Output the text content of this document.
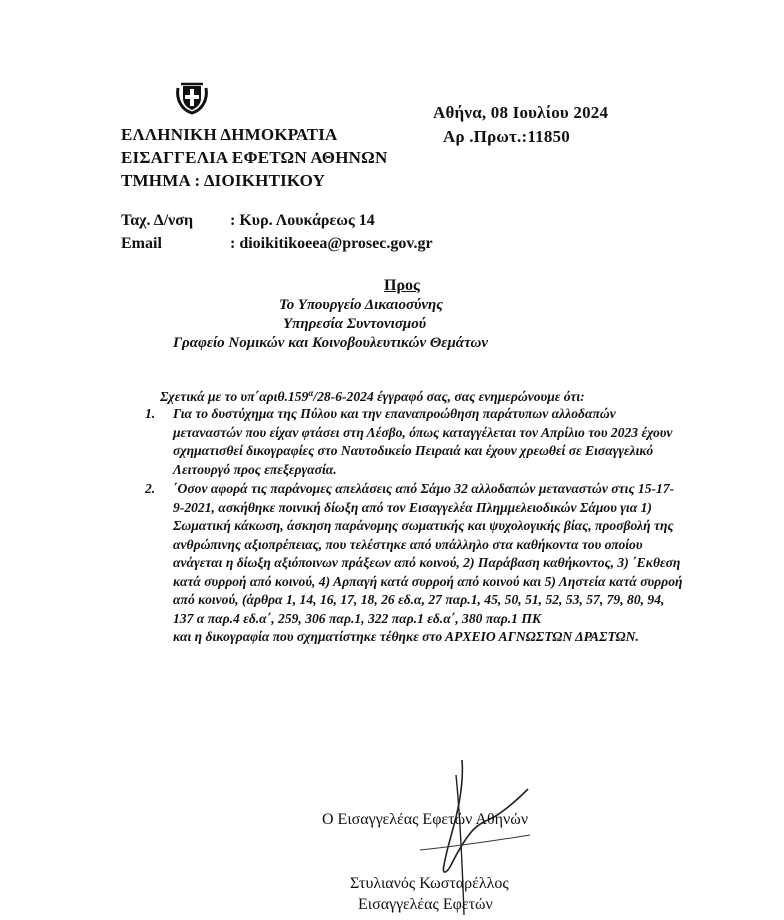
ΕΛΛΗΝΙΚΗ ΔΗΜΟΚΡΑΤΙΑ
ΕΙΣΑΓΓΕΛΙΑ ΕΦΕΤΩΝ ΑΘΗΝΩΝ
ΤΜΗΜΑ : ΔΙΟΙΚΗΤΙΚΟΥ
Αθήνα, 08 Ιουλίου 2024
Αρ .Πρωτ.:11850
Ταχ. Δ/νση : Κυρ. Λουκάρεως 14
Email	: dioikitikoeea@prosec.gov.gr
Προς
Το Υπουργείο Δικαιοσύνης
Υπηρεσία Συντονισμού
Γραφείο Νομικών και Κοινοβουλευτικών Θεμάτων
Σχετικά με το $\upsilon\pi΄\alpha\rho\iota\theta.159^\alpha/28-6-2024$ έγγραφό σας, σας ενημερώνουμε ότι:
1. Για το δυστύχημα της Πύλου και την επαναπροώθηση παράτυπων αλλοδαπών μεταναστών που είχαν φτάσει στη Λέσβο, όπως καταγγέλεται τον Απρίλιο του 2023 έχουν σχηματισθεί δικογραφίες στο Ναυτοδικείο Πειραιά και έχουν χρεωθεί σε Εισαγγελικό Λειτουργό προς επεξεργασία.

2. ΄Οσον αφορά τις παράνομες απελάσεις από Σάμο 32 αλλοδαπών μεταναστών στις 15-17-9-2021, ασκήθηκε ποινική δίωξη από τον Εισαγγελέα Πλημμελειοδικών Σάμου για 1) Σωματική κάκωση, άσκηση παράνομης σωματικής και ψυχολογικής βίας, προσβολή της ανθρώπινης αξιοπρέπειας, που τελέστηκε από υπάλληλο στα καθήκοντα του οποίου ανάγεται η δίωξη αξιόποινων πράξεων από κοινού, 2) Παράβαση καθήκοντος, 3) ΄Εκθεση κατά συρροή από κοινού, 4) Αρπαγή κατά συρροή από κοινού και 5) Ληστεία κατά συρροή από κοινού, (άρθρα 1, 14, 16, 17, 18, 26 εδ.α, 27 παρ.1, 45, 50, 51, 52, 53, 57, 79, 80, 94, 137 α παρ.4 εδ.α΄, 259, 306 παρ.1, 322 παρ.1 εδ.α΄, 380 παρ.1 ΠΚ

και η δικογραφία που σχηματίστηκε τέθηκε στο ΑΡΧΕΙΟ ΑΓΝΩΣΤΩΝ ΔΡΑΣΤΩΝ.

Ο Εισαγγελέας Εφετών Αθηνών
Στυλιανός Κωσταρέλλος
Εισαγγελέας Εφετών
